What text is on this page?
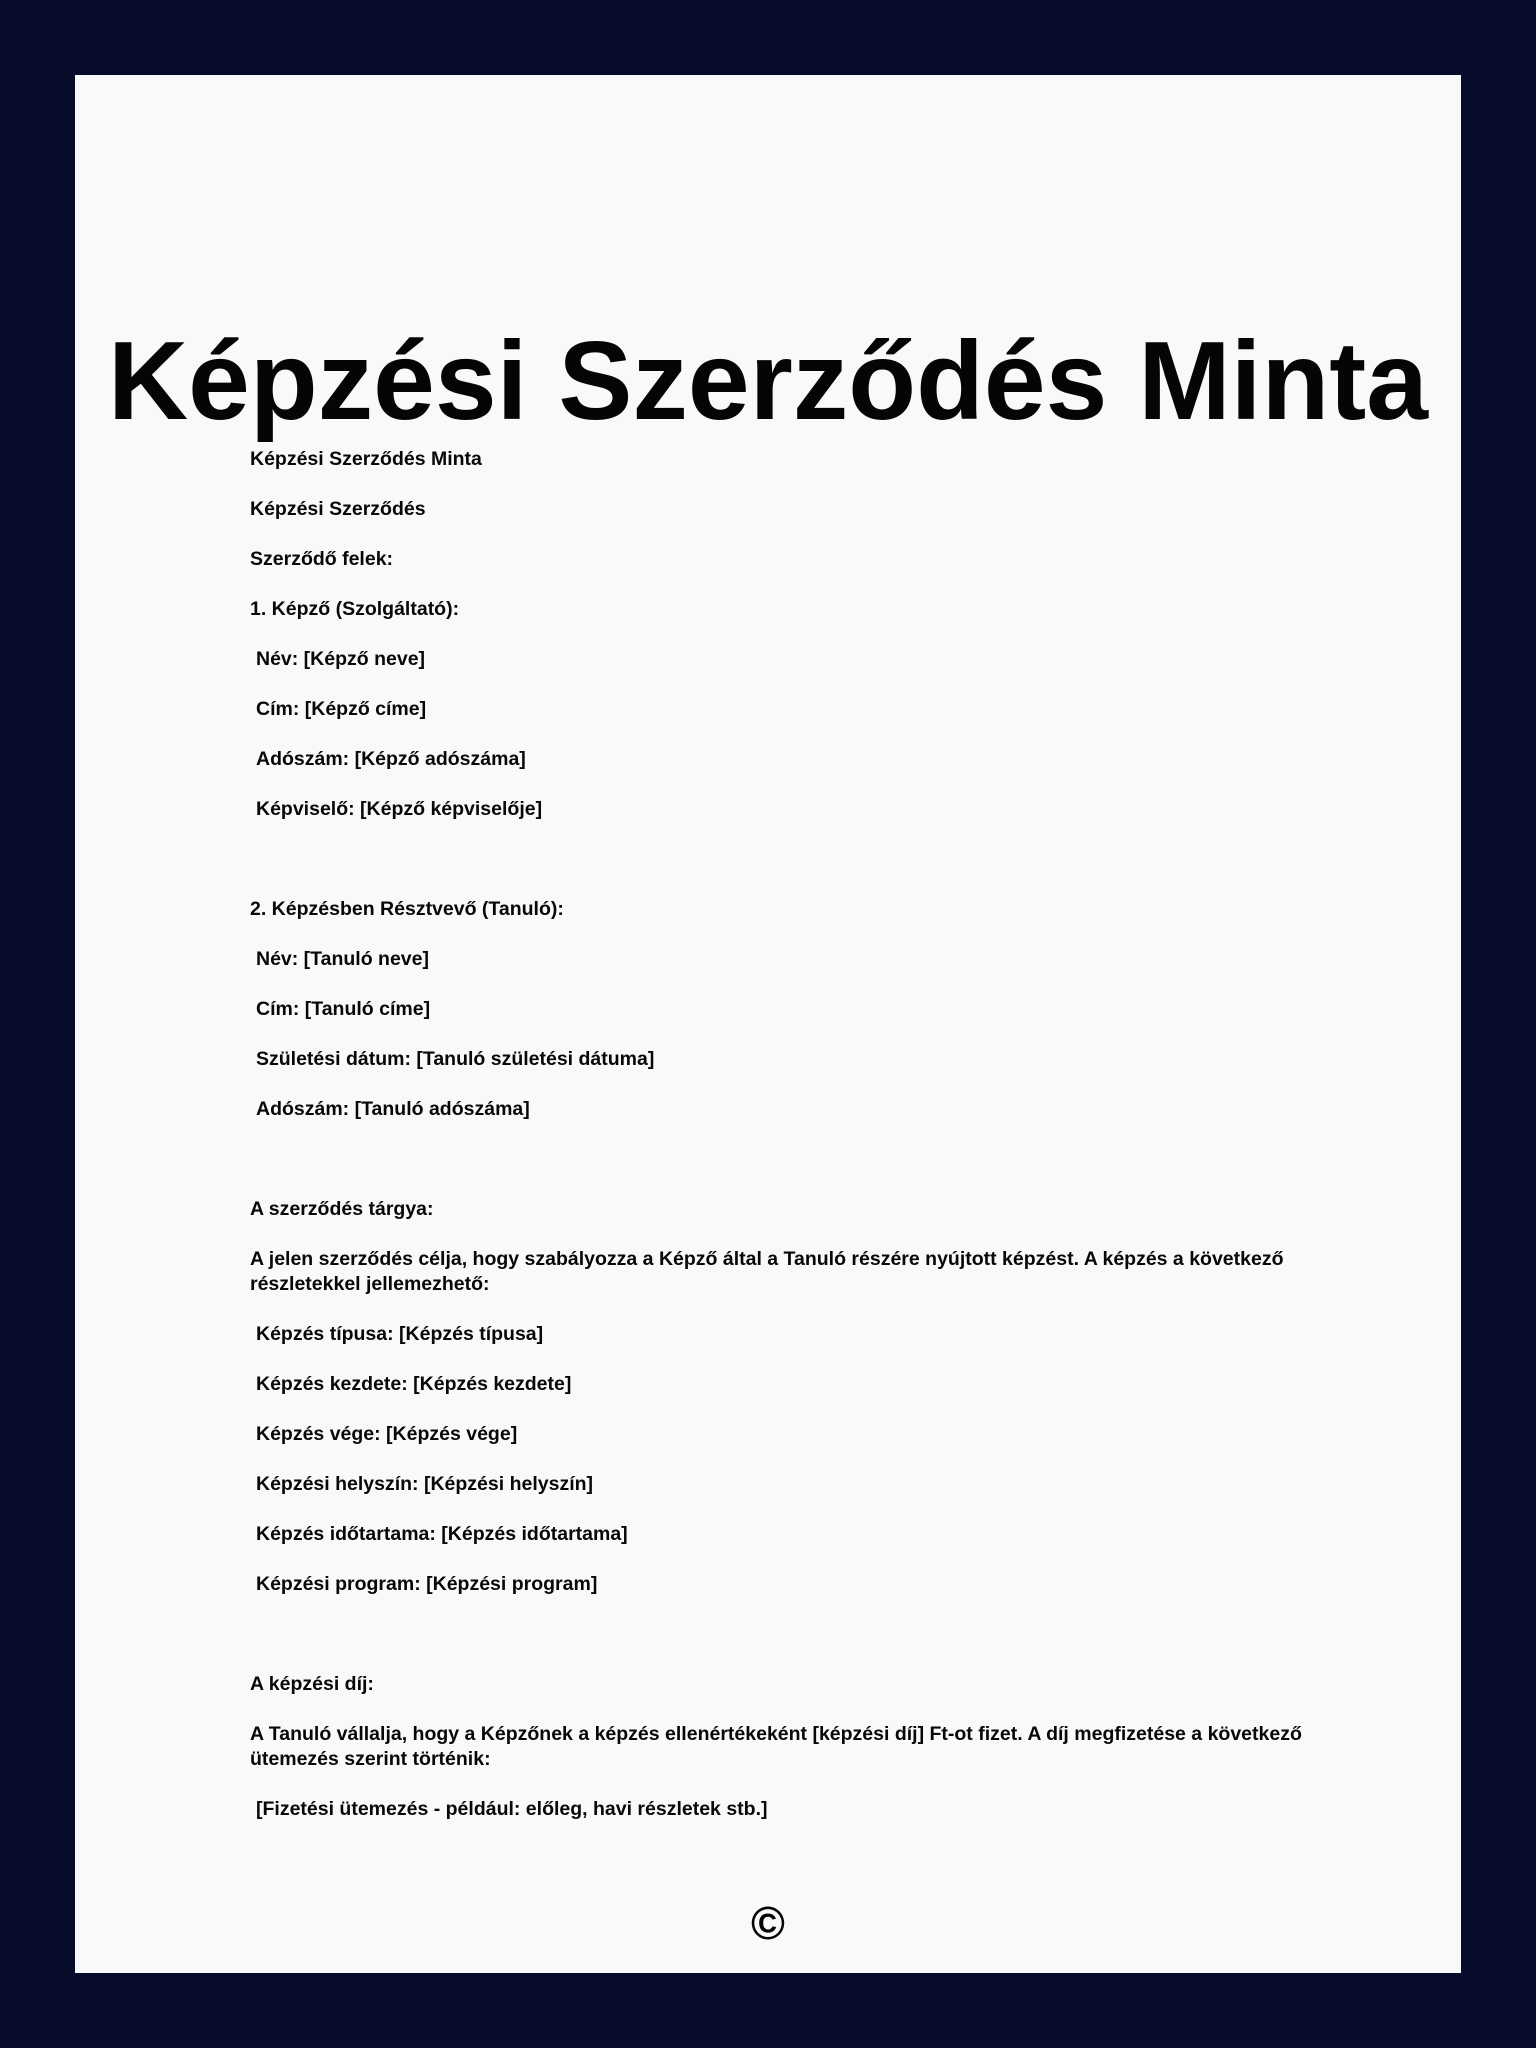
Képzési Szerződés Minta

Képzési Szerződés Minta

Képzési Szerződés

Szerződő felek:

1. Képző (Szolgáltató):

Név: [Képző neve]

Cím: [Képző címe]

Adószám: [Képző adószáma]

Képviselő: [Képző képviselője]

2. Képzésben Résztvevő (Tanuló):

Név: [Tanuló neve]

Cím: [Tanuló címe]

Születési dátum: [Tanuló születési dátuma]

Adószám: [Tanuló adószáma]

A szerződés tárgya:

A jelen szerződés célja, hogy szabályozza a Képző által a Tanuló részére nyújtott képzést. A képzés a következő részletekkel jellemezhető:

Képzés típusa: [Képzés típusa]

Képzés kezdete: [Képzés kezdete]

Képzés vége: [Képzés vége]

Képzési helyszín: [Képzési helyszín]

Képzés időtartama: [Képzés időtartama]

Képzési program: [Képzési program]

A képzési díj:

A Tanuló vállalja, hogy a Képzőnek a képzés ellenértékeként [képzési díj] Ft-ot fizet. A díj megfizetése a következő ütemezés szerint történik:

[Fizetési ütemezés - például: előleg, havi részletek stb.]

©
